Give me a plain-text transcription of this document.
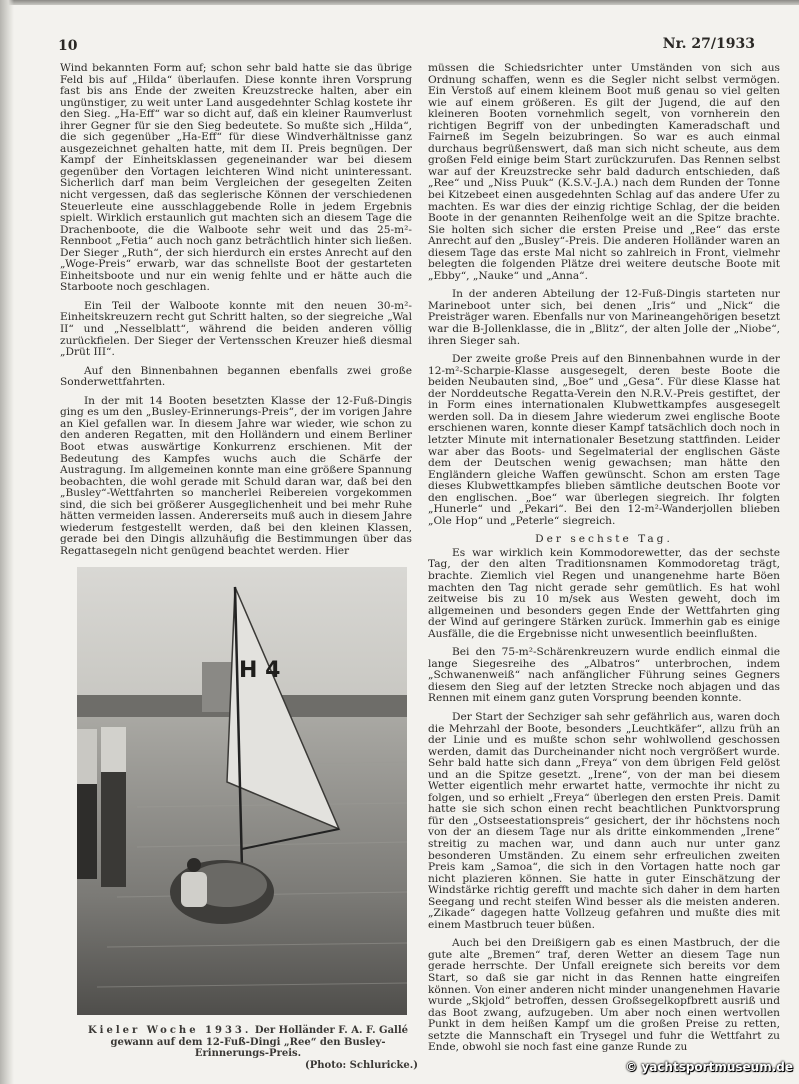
10	Nr. 27/1933

Wind bekannten Form auf; schon sehr bald hatte sie das übrige Feld bis auf „Hilda“ überlaufen. Diese konnte ihren Vorsprung fast bis ans Ende der zweiten Kreuzstrecke halten, aber ein ungünstiger, zu weit unter Land ausgedehnter Schlag kostete ihr den Sieg. „Ha-Eff“ war so dicht auf, daß ein kleiner Raumverlust ihrer Gegner für sie den Sieg bedeutete. So mußte sich „Hilda“, die sich gegenüber „Ha-Eff“ für diese Windverhältnisse ganz ausgezeichnet gehalten hatte, mit dem II. Preis begnügen. Der Kampf der Einheitsklassen gegeneinander war bei diesem gegenüber den Vortagen leichteren Wind nicht uninteressant. Sicherlich darf man beim Vergleichen der gesegelten Zeiten nicht vergessen, daß das seglerische Können der verschiedenen Steuerleute eine ausschlaggebende Rolle in jedem Ergebnis spielt. Wirklich erstaunlich gut machten sich an diesem Tage die Drachenboote, die die Walboote sehr weit und das 25-m²-Rennboot „Fetia“ auch noch ganz beträchtlich hinter sich ließen. Der Sieger „Ruth“, der sich hierdurch ein erstes Anrecht auf den „Woge-Preis“ erwarb, war das schnellste Boot der gestarteten Einheitsboote und nur ein wenig fehlte und er hätte auch die Starboote noch geschlagen.

Ein Teil der Walboote konnte mit den neuen 30-m²-Einheitskreuzern recht gut Schritt halten, so der siegreiche „Wal II“ und „Nesselblatt“, während die beiden anderen völlig zurückfielen. Der Sieger der Vertensschen Kreuzer hieß diesmal „Drüt III“.

Auf den Binnenbahnen begannen ebenfalls zwei große Sonderwettfahrten.

In der mit 14 Booten besetzten Klasse der 12-Fuß-Dingis ging es um den „Busley-Erinnerungs-Preis“, der im vorigen Jahre an Kiel gefallen war. In diesem Jahre war wieder, wie schon zu den anderen Regatten, mit den Holländern und einem Berliner Boot etwas auswärtige Konkurrenz erschienen. Mit der Bedeutung des Kampfes wuchs auch die Schärfe der Austragung. Im allgemeinen konnte man eine größere Spannung beobachten, die wohl gerade mit Schuld daran war, daß bei den „Busley“-Wettfahrten so mancherlei Reibereien vorgekommen sind, die sich bei größerer Ausgeglichenheit und bei mehr Ruhe hätten vermeiden lassen. Andererseits muß auch in diesem Jahre wiederum festgestellt werden, daß bei den kleinen Klassen, gerade bei den Dingis allzuhäufig die Bestimmungen über das Regattasegeln nicht genügend beachtet werden. Hier

H 4
Kieler Woche 1933. Der Holländer F. A. F. Gallé gewann auf dem 12-Fuß-Dingi „Ree“ den Busley-Erinnerungs-Preis.
(Photo: Schluricke.)

müssen die Schiedsrichter unter Umständen von sich aus Ordnung schaffen, wenn es die Segler nicht selbst vermögen. Ein Verstoß auf einem kleinem Boot muß genau so viel gelten wie auf einem größeren. Es gilt der Jugend, die auf den kleineren Booten vornehmlich segelt, von vornherein den richtigen Begriff von der unbedingten Kameradschaft und Fairneß im Segeln beizubringen. So war es auch einmal durchaus begrüßenswert, daß man sich nicht scheute, aus dem großen Feld einige beim Start zurückzurufen. Das Rennen selbst war auf der Kreuzstrecke sehr bald dadurch entschieden, daß „Ree“ und „Niss Puuk“ (K.S.V.-J.A.) nach dem Runden der Tonne bei Kitzebeet einen ausgedehnten Schlag auf das andere Ufer zu machten. Es war dies der einzig richtige Schlag, der die beiden Boote in der genannten Reihenfolge weit an die Spitze brachte. Sie holten sich sicher die ersten Preise und „Ree“ das erste Anrecht auf den „Busley“-Preis. Die anderen Holländer waren an diesem Tage das erste Mal nicht so zahlreich in Front, vielmehr belegten die folgenden Plätze drei weitere deutsche Boote mit „Ebby“, „Nauke“ und „Anna“.

In der anderen Abteilung der 12-Fuß-Dingis starteten nur Marineboot unter sich, bei denen „Iris“ und „Nick“ die Preisträger waren. Ebenfalls nur von Marineangehörigen besetzt war die B-Jollenklasse, die in „Blitz“, der alten Jolle der „Niobe“, ihren Sieger sah.

Der zweite große Preis auf den Binnenbahnen wurde in der 12-m²-Scharpie-Klasse ausgesegelt, deren beste Boote die beiden Neubauten sind, „Boe“ und „Gesa“. Für diese Klasse hat der Norddeutsche Regatta-Verein den N.R.V.-Preis gestiftet, der in Form eines internationalen Klubwettkampfes ausgesegelt werden soll. Da in diesem Jahre wiederum zwei englische Boote erschienen waren, konnte dieser Kampf tatsächlich doch noch in letzter Minute mit internationaler Besetzung stattfinden. Leider war aber das Boots- und Segelmaterial der englischen Gäste dem der Deutschen wenig gewachsen; man hätte den Engländern gleiche Waffen gewünscht. Schon am ersten Tage dieses Klubwettkampfes blieben sämtliche deutschen Boote vor den englischen. „Boe“ war überlegen siegreich. Ihr folgten „Hunerle“ und „Pekari“. Bei den 12-m²-Wanderjollen blieben „Ole Hop“ und „Peterle“ siegreich.

Der sechste Tag.

Es war wirklich kein Kommodorewetter, das der sechste Tag, der den alten Traditionsnamen Kommodoretag trägt, brachte. Ziemlich viel Regen und unangenehme harte Böen machten den Tag nicht gerade sehr gemütlich. Es hat wohl zeitweise bis zu 10 m/sek aus Westen geweht, doch im allgemeinen und besonders gegen Ende der Wettfahrten ging der Wind auf geringere Stärken zurück. Immerhin gab es einige Ausfälle, die die Ergebnisse nicht unwesentlich beeinflußten.

Bei den 75-m²-Schärenkreuzern wurde endlich einmal die lange Siegesreihe des „Albatros“ unterbrochen, indem „Schwanenweiß“ nach anfänglicher Führung seines Gegners diesem den Sieg auf der letzten Strecke noch abjagen und das Rennen mit einem ganz guten Vorsprung beenden konnte.

Der Start der Sechziger sah sehr gefährlich aus, waren doch die Mehrzahl der Boote, besonders „Leuchtkäfer“, allzu früh an der Linie und es mußte schon sehr wohlwollend geschossen werden, damit das Durcheinander nicht noch vergrößert wurde. Sehr bald hatte sich dann „Freya“ von dem übrigen Feld gelöst und an die Spitze gesetzt. „Irene“, von der man bei diesem Wetter eigentlich mehr erwartet hatte, vermochte ihr nicht zu folgen, und so erhielt „Freya“ überlegen den ersten Preis. Damit hatte sie sich schon einen recht beachtlichen Punktvorsprung für den „Ostseestationspreis“ gesichert, der ihr höchstens noch von der an diesem Tage nur als dritte einkommenden „Irene“ streitig zu machen war, und dann auch nur unter ganz besonderen Umständen. Zu einem sehr erfreulichen zweiten Preis kam „Samoa“, die sich in den Vortagen hatte noch gar nicht plazieren können. Sie hatte in guter Einschätzung der Windstärke richtig gerefft und machte sich daher in dem harten Seegang und recht steifen Wind besser als die meisten anderen. „Zikade“ dagegen hatte Vollzeug gefahren und mußte dies mit einem Mastbruch teuer büßen.

Auch bei den Dreißigern gab es einen Mastbruch, der die gute alte „Bremen“ traf, deren Wetter an diesem Tage nun gerade herrschte. Der Unfall ereignete sich bereits vor dem Start, so daß sie gar nicht in das Rennen hatte eingreifen können. Von einer anderen nicht minder unangenehmen Havarie wurde „Skjold“ betroffen, dessen Großsegelkopfbrett ausriß und das Boot zwang, aufzugeben. Um aber noch einen wertvollen Punkt in dem heißen Kampf um die großen Preise zu retten, setzte die Mannschaft ein Trysegel und fuhr die Wettfahrt zu Ende, obwohl sie noch fast eine ganze Runde zu

© yachtsportmuseum.de
